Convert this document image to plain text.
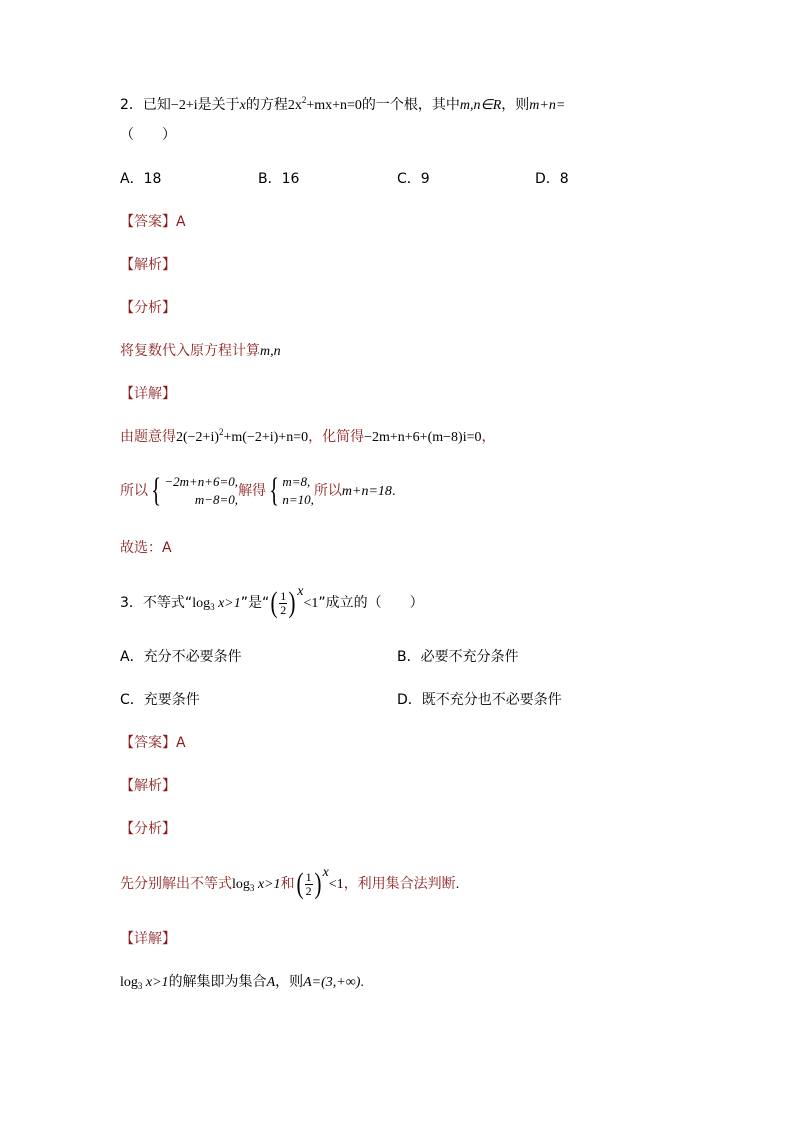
2．已知−2+i是关于x的方程$2x^2+mx+n=0$的一个根，其中m,n∈R，则m+n=
（　　）
A．18	B．16	C．9	D．8
【答案】A
【解析】
【分析】
将复数代入原方程计算m,n
【详解】
由题意得$2(-2+i)^2+m(-2+i)+n=0$，化简得−2m+n+6+(m−8)i=0，
所以{ −2m+n+6=0,
m−8=0,
解得{ m=8,
n=10,
所以m+n=18.
故选：A
3．不等式“$\log_3$ x>1”是“( $\frac{1}{2}$ ) $^x$<1”成立的（　　）
A．充分不必要条件	B．必要不充分条件
C．充要条件	D．既不充分也不必要条件
【答案】A
【解析】
【分析】
先分别解出不等式$\log_3 x>1$和( $\frac{1}{2}$ ) $^x$<1，利用集合法判断.
【详解】
$\log_3 x>1$的解集即为集合A，则A=(3,+∞).
